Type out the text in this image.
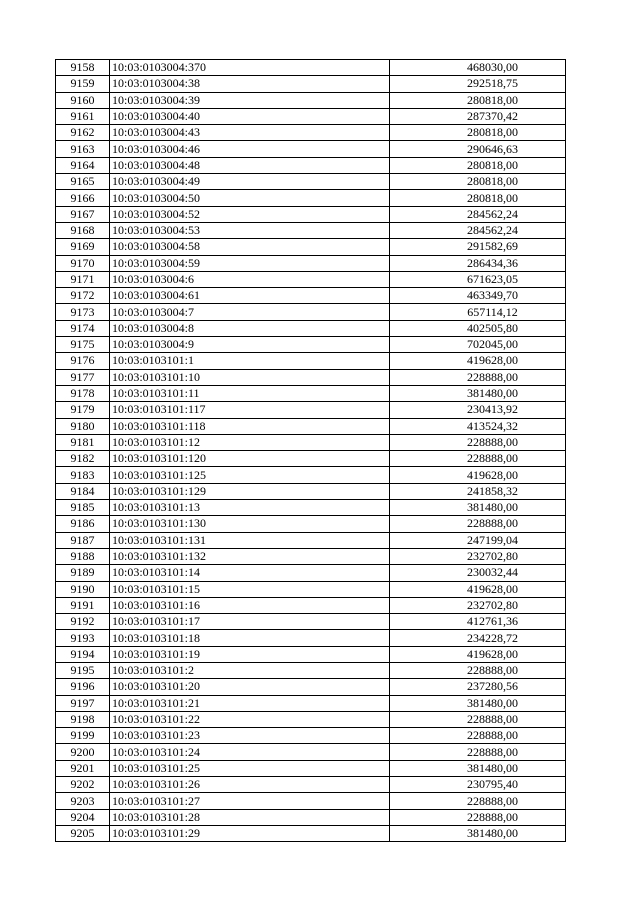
9158	10:03:0103004:370	468030,00
9159	10:03:0103004:38	292518,75
9160	10:03:0103004:39	280818,00
9161	10:03:0103004:40	287370,42
9162	10:03:0103004:43	280818,00
9163	10:03:0103004:46	290646,63
9164	10:03:0103004:48	280818,00
9165	10:03:0103004:49	280818,00
9166	10:03:0103004:50	280818,00
9167	10:03:0103004:52	284562,24
9168	10:03:0103004:53	284562,24
9169	10:03:0103004:58	291582,69
9170	10:03:0103004:59	286434,36
9171	10:03:0103004:6	671623,05
9172	10:03:0103004:61	463349,70
9173	10:03:0103004:7	657114,12
9174	10:03:0103004:8	402505,80
9175	10:03:0103004:9	702045,00
9176	10:03:0103101:1	419628,00
9177	10:03:0103101:10	228888,00
9178	10:03:0103101:11	381480,00
9179	10:03:0103101:117	230413,92
9180	10:03:0103101:118	413524,32
9181	10:03:0103101:12	228888,00
9182	10:03:0103101:120	228888,00
9183	10:03:0103101:125	419628,00
9184	10:03:0103101:129	241858,32
9185	10:03:0103101:13	381480,00
9186	10:03:0103101:130	228888,00
9187	10:03:0103101:131	247199,04
9188	10:03:0103101:132	232702,80
9189	10:03:0103101:14	230032,44
9190	10:03:0103101:15	419628,00
9191	10:03:0103101:16	232702,80
9192	10:03:0103101:17	412761,36
9193	10:03:0103101:18	234228,72
9194	10:03:0103101:19	419628,00
9195	10:03:0103101:2	228888,00
9196	10:03:0103101:20	237280,56
9197	10:03:0103101:21	381480,00
9198	10:03:0103101:22	228888,00
9199	10:03:0103101:23	228888,00
9200	10:03:0103101:24	228888,00
9201	10:03:0103101:25	381480,00
9202	10:03:0103101:26	230795,40
9203	10:03:0103101:27	228888,00
9204	10:03:0103101:28	228888,00
9205	10:03:0103101:29	381480,00
